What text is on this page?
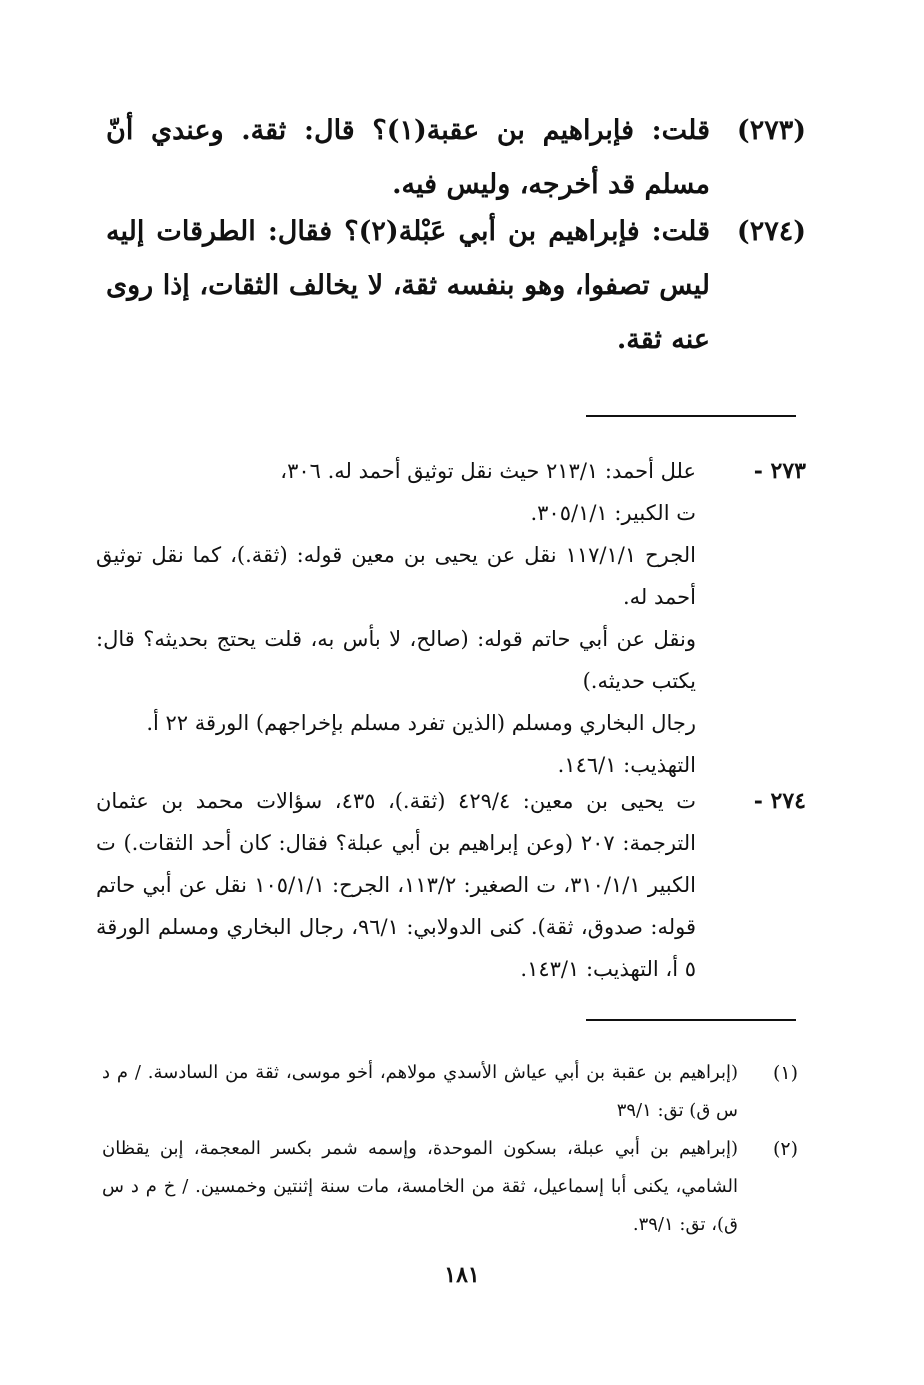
(٢٧٣)
قلت: فإبراهيم بن عقبة(١)؟ قال: ثقة. وعندي أنّ مسلم قد أخرجه، وليس فيه.
(٢٧٤)
قلت: فإبراهيم بن أبي عَبْلة(٢)؟ فقال: الطرقات إليه ليس تصفوا، وهو بنفسه ثقة، لا يخالف الثقات، إذا روى عنه ثقة.
٢٧٣ -

علل أحمد: ٢١٣/١ حيث نقل توثيق أحمد له. ٣٠٦،

ت الكبير: ٣٠٥/١/١.

الجرح ١١٧/١/١ نقل عن يحيى بن معين قوله: (ثقة.)، كما نقل توثيق أحمد له.

ونقل عن أبي حاتم قوله: (صالح، لا بأس به، قلت يحتج بحديثه؟ قال: يكتب حديثه.)

رجال البخاري ومسلم (الذين تفرد مسلم بإخراجهم) الورقة ٢٢ أ.

التهذيب: ١٤٦/١.

٢٧٤ -

ت يحيى بن معين: ٤٢٩/٤ (ثقة.)، ٤٣٥، سؤالات محمد بن عثمان الترجمة: ٢٠٧ (وعن إبراهيم بن أبي عبلة؟ فقال: كان أحد الثقات.) ت الكبير ٣١٠/١/١، ت الصغير: ١١٣/٢، الجرح: ١٠٥/١/١ نقل عن أبي حاتم قوله: صدوق، ثقة). كنى الدولابي: ٩٦/١، رجال البخاري ومسلم الورقة ٥ أ، التهذيب: ١٤٣/١.

(١)
(إبراهيم بن عقبة بن أبي عياش الأسدي مولاهم، أخو موسى، ثقة من السادسة. / م د س ق) تق: ٣٩/١
(٢)
(إبراهيم بن أبي عبلة، بسكون الموحدة، وإسمه شمر بكسر المعجمة، إبن يقظان الشامي، يكنى أبا إسماعيل، ثقة من الخامسة، مات سنة إثنتين وخمسين. / خ م د س ق)، تق: ٣٩/١.
١٨١
